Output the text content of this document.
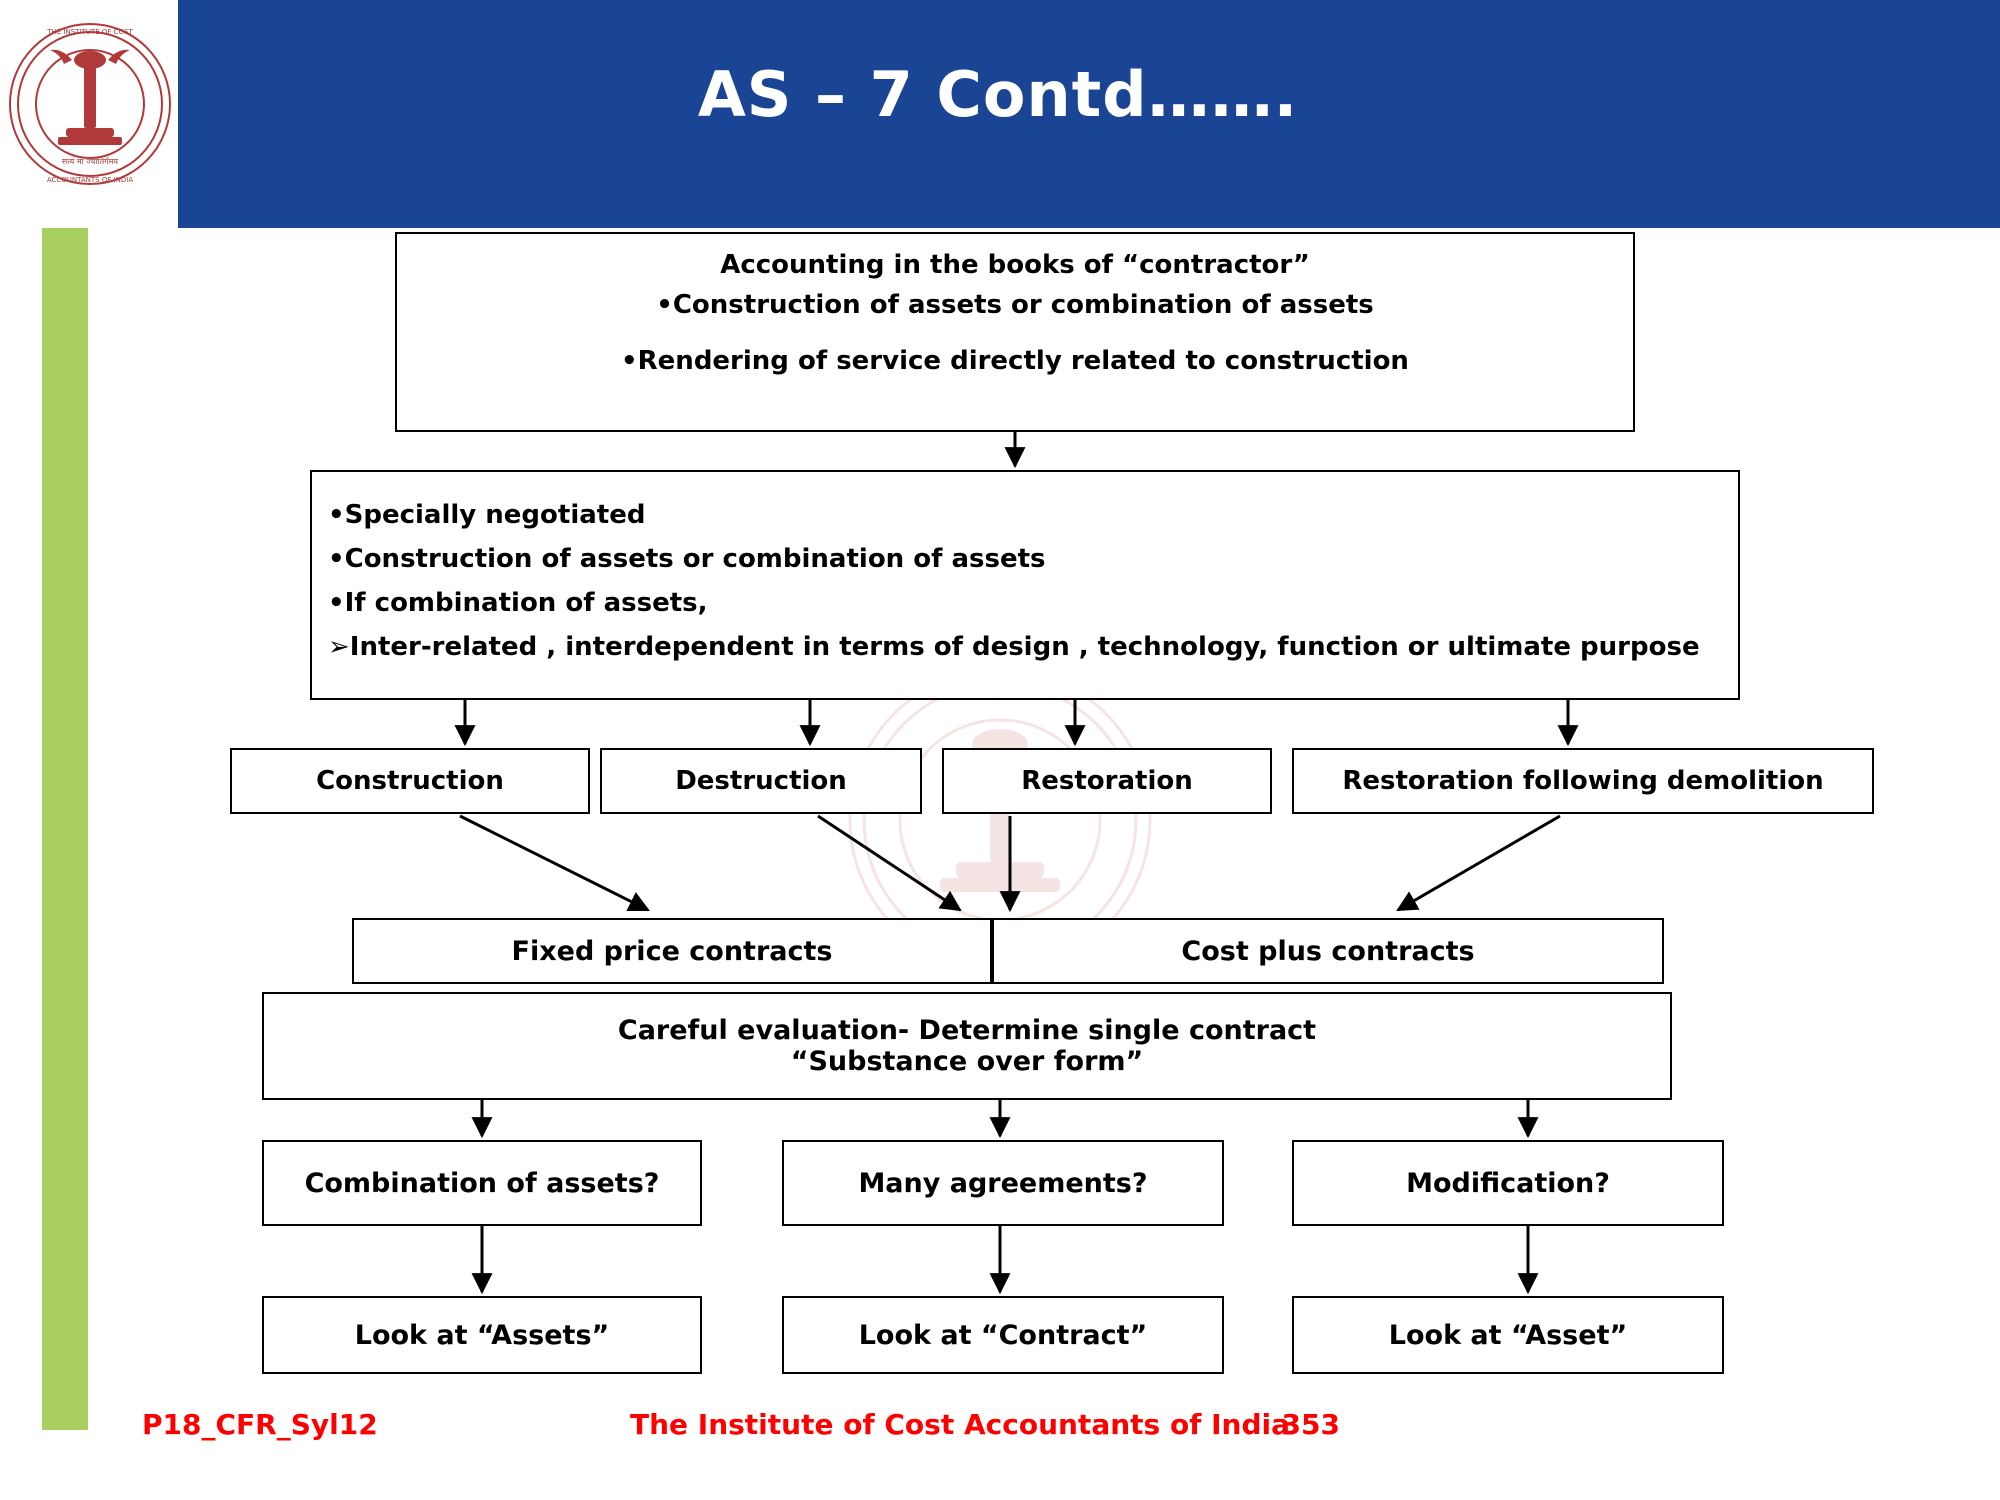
AS – 7 Contd…….
THE INSTITUTE OF COST
ACCOUNTANTS OF INDIA
सत्यं मा ज्योतिर्गमय
Accounting in the books of “contractor”
•Construction of assets or combination of assets
•Rendering of service directly related to construction

•Specially negotiated

•Construction of assets or combination of assets

•If combination of assets,

➢Inter-related , interdependent in terms of design , technology, function or ultimate purpose

Construction	Destruction	Restoration	Restoration following demolition
Fixed price contracts	Cost plus contracts
Careful evaluation- Determine single contract
“Substance over form”
Combination of assets?	Many agreements?	Modification?
Look at “Assets”	Look at “Contract”	Look at “Asset”
P18_CFR_Syl12	The Institute of Cost Accountants of India
353
